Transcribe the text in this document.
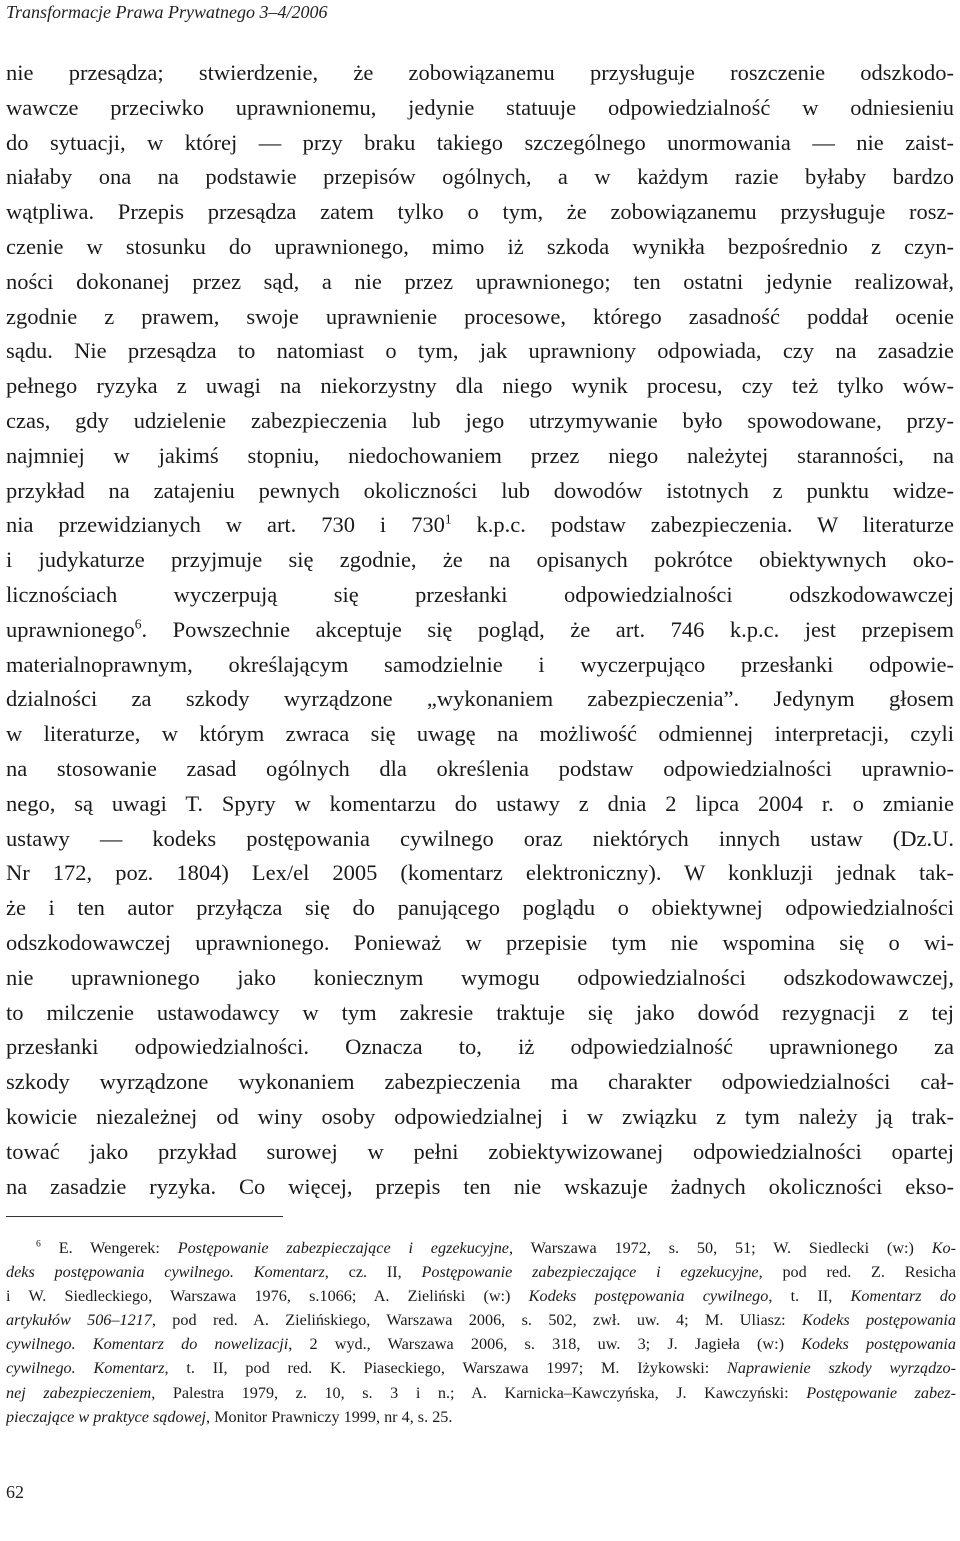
Transformacje Prawa Prywatnego 3–4/2006
nie przesądza; stwierdzenie, że zobowiązanemu przysługuje roszczenie odszkodo-
wawcze przeciwko uprawnionemu, jedynie statuuje odpowiedzialność w odniesieniu
do sytuacji, w której — przy braku takiego szczególnego unormowania — nie zaist-
niałaby ona na podstawie przepisów ogólnych, a w każdym razie byłaby bardzo
wątpliwa. Przepis przesądza zatem tylko o tym, że zobowiązanemu przysługuje rosz-
czenie w stosunku do uprawnionego, mimo iż szkoda wynikła bezpośrednio z czyn-
ności dokonanej przez sąd, a nie przez uprawnionego; ten ostatni jedynie realizował,
zgodnie z prawem, swoje uprawnienie procesowe, którego zasadność poddał ocenie
sądu. Nie przesądza to natomiast o tym, jak uprawniony odpowiada, czy na zasadzie
pełnego ryzyka z uwagi na niekorzystny dla niego wynik procesu, czy też tylko wów-
czas, gdy udzielenie zabezpieczenia lub jego utrzymywanie było spowodowane, przy-
najmniej w jakimś stopniu, niedochowaniem przez niego należytej staranności, na
przykład na zatajeniu pewnych okoliczności lub dowodów istotnych z punktu widze-
nia przewidzianych w art. 730 i $730^1$ k.p.c. podstaw zabezpieczenia. W literaturze
i judykaturze przyjmuje się zgodnie, że na opisanych pokrótce obiektywnych oko-
licznościach wyczerpują się przesłanki odpowiedzialności odszkodowawczej
uprawnionego$^6$. Powszechnie akceptuje się pogląd, że art. 746 k.p.c. jest przepisem
materialnoprawnym, określającym samodzielnie i wyczerpująco przesłanki odpowie-
dzialności za szkody wyrządzone „wykonaniem zabezpieczenia”. Jedynym głosem
w literaturze, w którym zwraca się uwagę na możliwość odmiennej interpretacji, czyli
na stosowanie zasad ogólnych dla określenia podstaw odpowiedzialności uprawnio-
nego, są uwagi T. Spyry w komentarzu do ustawy z dnia 2 lipca 2004 r. o zmianie
ustawy — kodeks postępowania cywilnego oraz niektórych innych ustaw (Dz.U.
Nr 172, poz. 1804) Lex/el 2005 (komentarz elektroniczny). W konkluzji jednak tak-
że i ten autor przyłącza się do panującego poglądu o obiektywnej odpowiedzialności
odszkodowawczej uprawnionego. Ponieważ w przepisie tym nie wspomina się o wi-
nie uprawnionego jako koniecznym wymogu odpowiedzialności odszkodowawczej,
to milczenie ustawodawcy w tym zakresie traktuje się jako dowód rezygnacji z tej
przesłanki odpowiedzialności. Oznacza to, iż odpowiedzialność uprawnionego za
szkody wyrządzone wykonaniem zabezpieczenia ma charakter odpowiedzialności cał-
kowicie niezależnej od winy osoby odpowiedzialnej i w związku z tym należy ją trak-
tować jako przykład surowej w pełni zobiektywizowanej odpowiedzialności opartej
na zasadzie ryzyka. Co więcej, przepis ten nie wskazuje żadnych okoliczności ekso-
$^6$ E. Wengerek: Postępowanie zabezpieczające i egzekucyjne, Warszawa 1972, s. 50, 51; W. Siedlecki (w:) Ko-
deks postępowania cywilnego. Komentarz, cz. II, Postępowanie zabezpieczające i egzekucyjne, pod red. Z. Resicha
i W. Siedleckiego, Warszawa 1976, s.1066; A. Zieliński (w:) Kodeks postępowania cywilnego, t. II, Komentarz do
artykułów 506–1217, pod red. A. Zielińskiego, Warszawa 2006, s. 502, zwł. uw. 4; M. Uliasz: Kodeks postępowania
cywilnego. Komentarz do nowelizacji, 2 wyd., Warszawa 2006, s. 318, uw. 3; J. Jagieła (w:) Kodeks postępowania
cywilnego. Komentarz, t. II, pod red. K. Piaseckiego, Warszawa 1997; M. Iżykowski: Naprawienie szkody wyrządzo-
nej zabezpieczeniem, Palestra 1979, z. 10, s. 3 i n.; A. Karnicka–Kawczyńska, J. Kawczyński: Postępowanie zabez-
pieczające w praktyce sądowej, Monitor Prawniczy 1999, nr 4, s. 25.
62
